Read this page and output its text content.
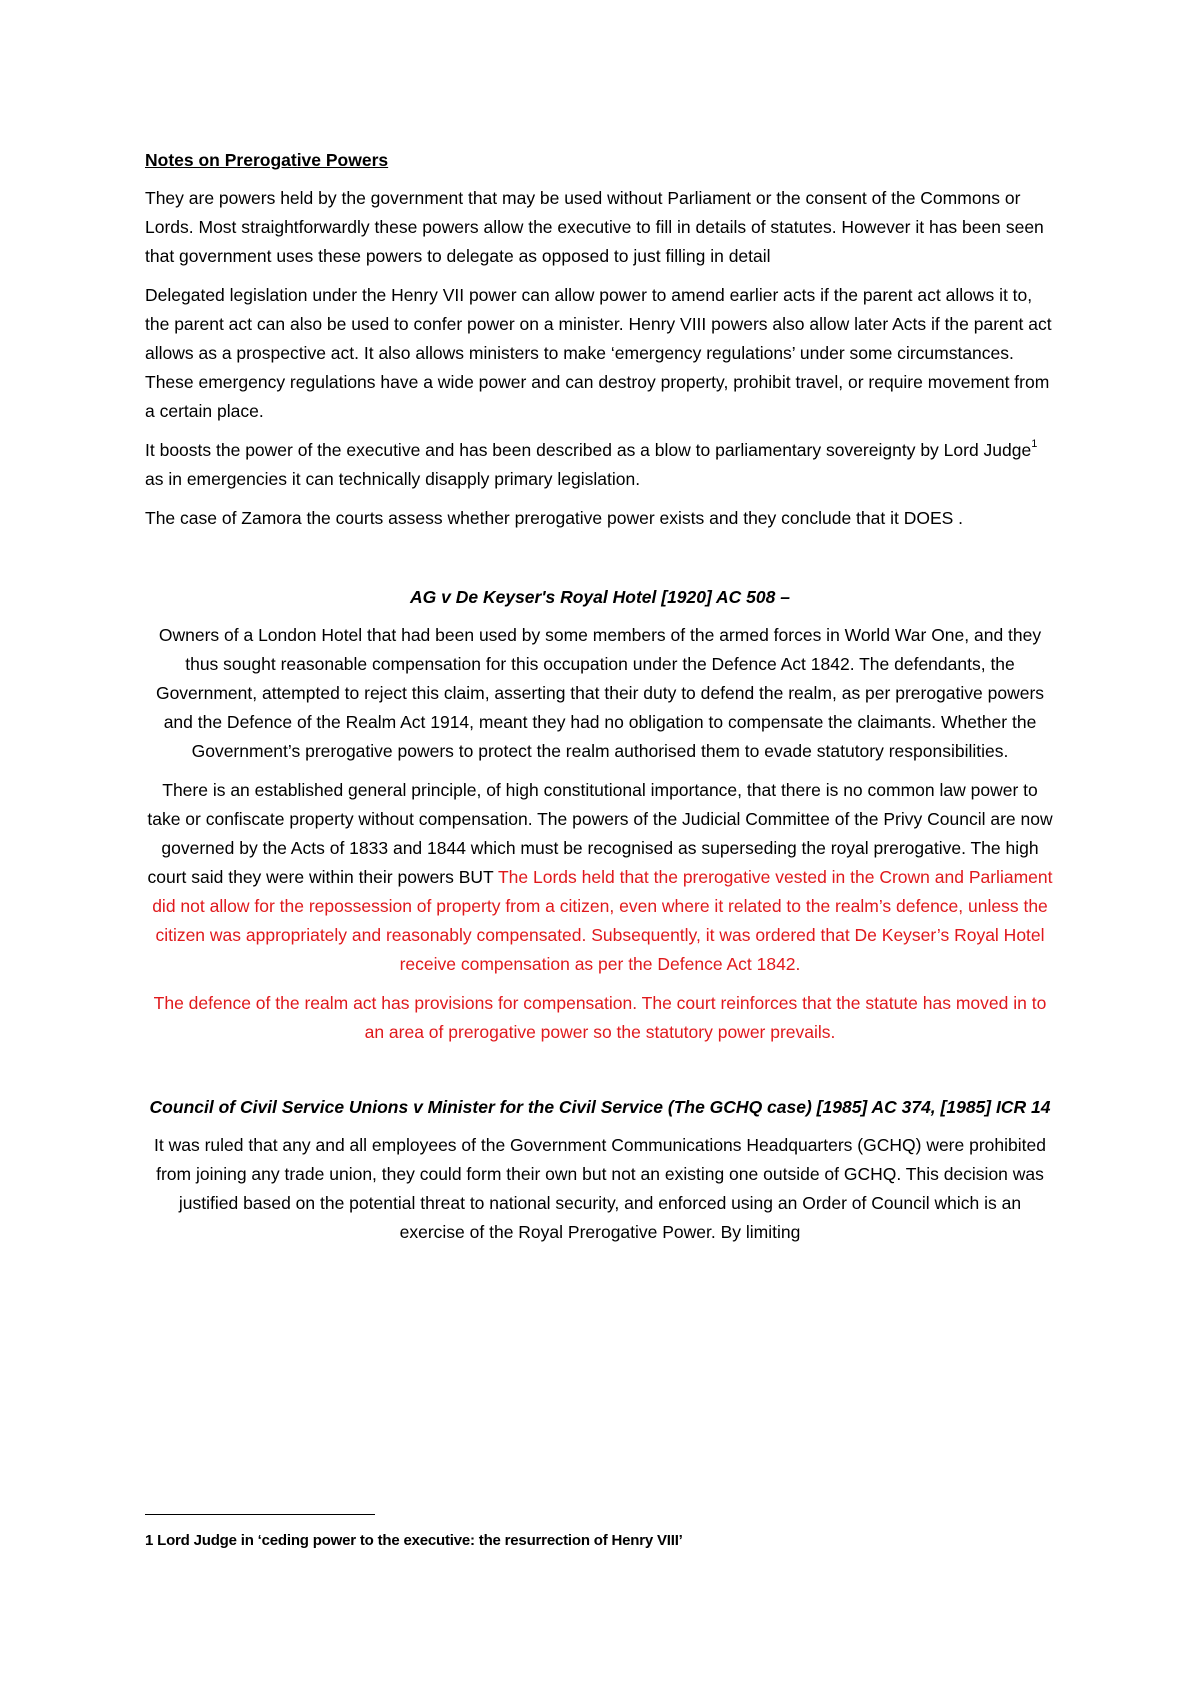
Notes on Prerogative Powers

They are powers held by the government that may be used without Parliament or the consent of the Commons or Lords. Most straightforwardly these powers allow the executive to fill in details of statutes. However it has been seen that government uses these powers to delegate as opposed to just filling in detail

Delegated legislation under the Henry VII power can allow power to amend earlier acts if the parent act allows it to, the parent act can also be used to confer power on a minister. Henry VIII powers also allow later Acts if the parent act allows as a prospective act. It also allows ministers to make ‘emergency regulations’ under some circumstances. These emergency regulations have a wide power and can destroy property, prohibit travel, or require movement from a certain place.

It boosts the power of the executive and has been described as a blow to parliamentary sovereignty by Lord Judge$^1$ as in emergencies it can technically disapply primary legislation.

The case of Zamora the courts assess whether prerogative power exists and they conclude that it DOES .

AG v De Keyser's Royal Hotel [1920] AC 508 –

Owners of a London Hotel that had been used by some members of the armed forces in World War One, and they thus sought reasonable compensation for this occupation under the Defence Act 1842. The defendants, the Government, attempted to reject this claim, asserting that their duty to defend the realm, as per prerogative powers and the Defence of the Realm Act 1914, meant they had no obligation to compensate the claimants. Whether the Government’s prerogative powers to protect the realm authorised them to evade statutory responsibilities.

There is an established general principle, of high constitutional importance, that there is no common law power to take or confiscate property without compensation. The powers of the Judicial Committee of the Privy Council are now governed by the Acts of 1833 and 1844 which must be recognised as superseding the royal prerogative. The high court said they were within their powers BUT The Lords held that the prerogative vested in the Crown and Parliament did not allow for the repossession of property from a citizen, even where it related to the realm’s defence, unless the citizen was appropriately and reasonably compensated. Subsequently, it was ordered that De Keyser’s Royal Hotel receive compensation as per the Defence Act 1842.

The defence of the realm act has provisions for compensation. The court reinforces that the statute has moved in to an area of prerogative power so the statutory power prevails.

Council of Civil Service Unions v Minister for the Civil Service (The GCHQ case) [1985] AC 374, [1985] ICR 14

It was ruled that any and all employees of the Government Communications Headquarters (GCHQ) were prohibited from joining any trade union, they could form their own but not an existing one outside of GCHQ. This decision was justified based on the potential threat to national security, and enforced using an Order of Council which is an exercise of the Royal Prerogative Power. By limiting

1 Lord Judge in ‘ceding power to the executive: the resurrection of Henry VIII’
